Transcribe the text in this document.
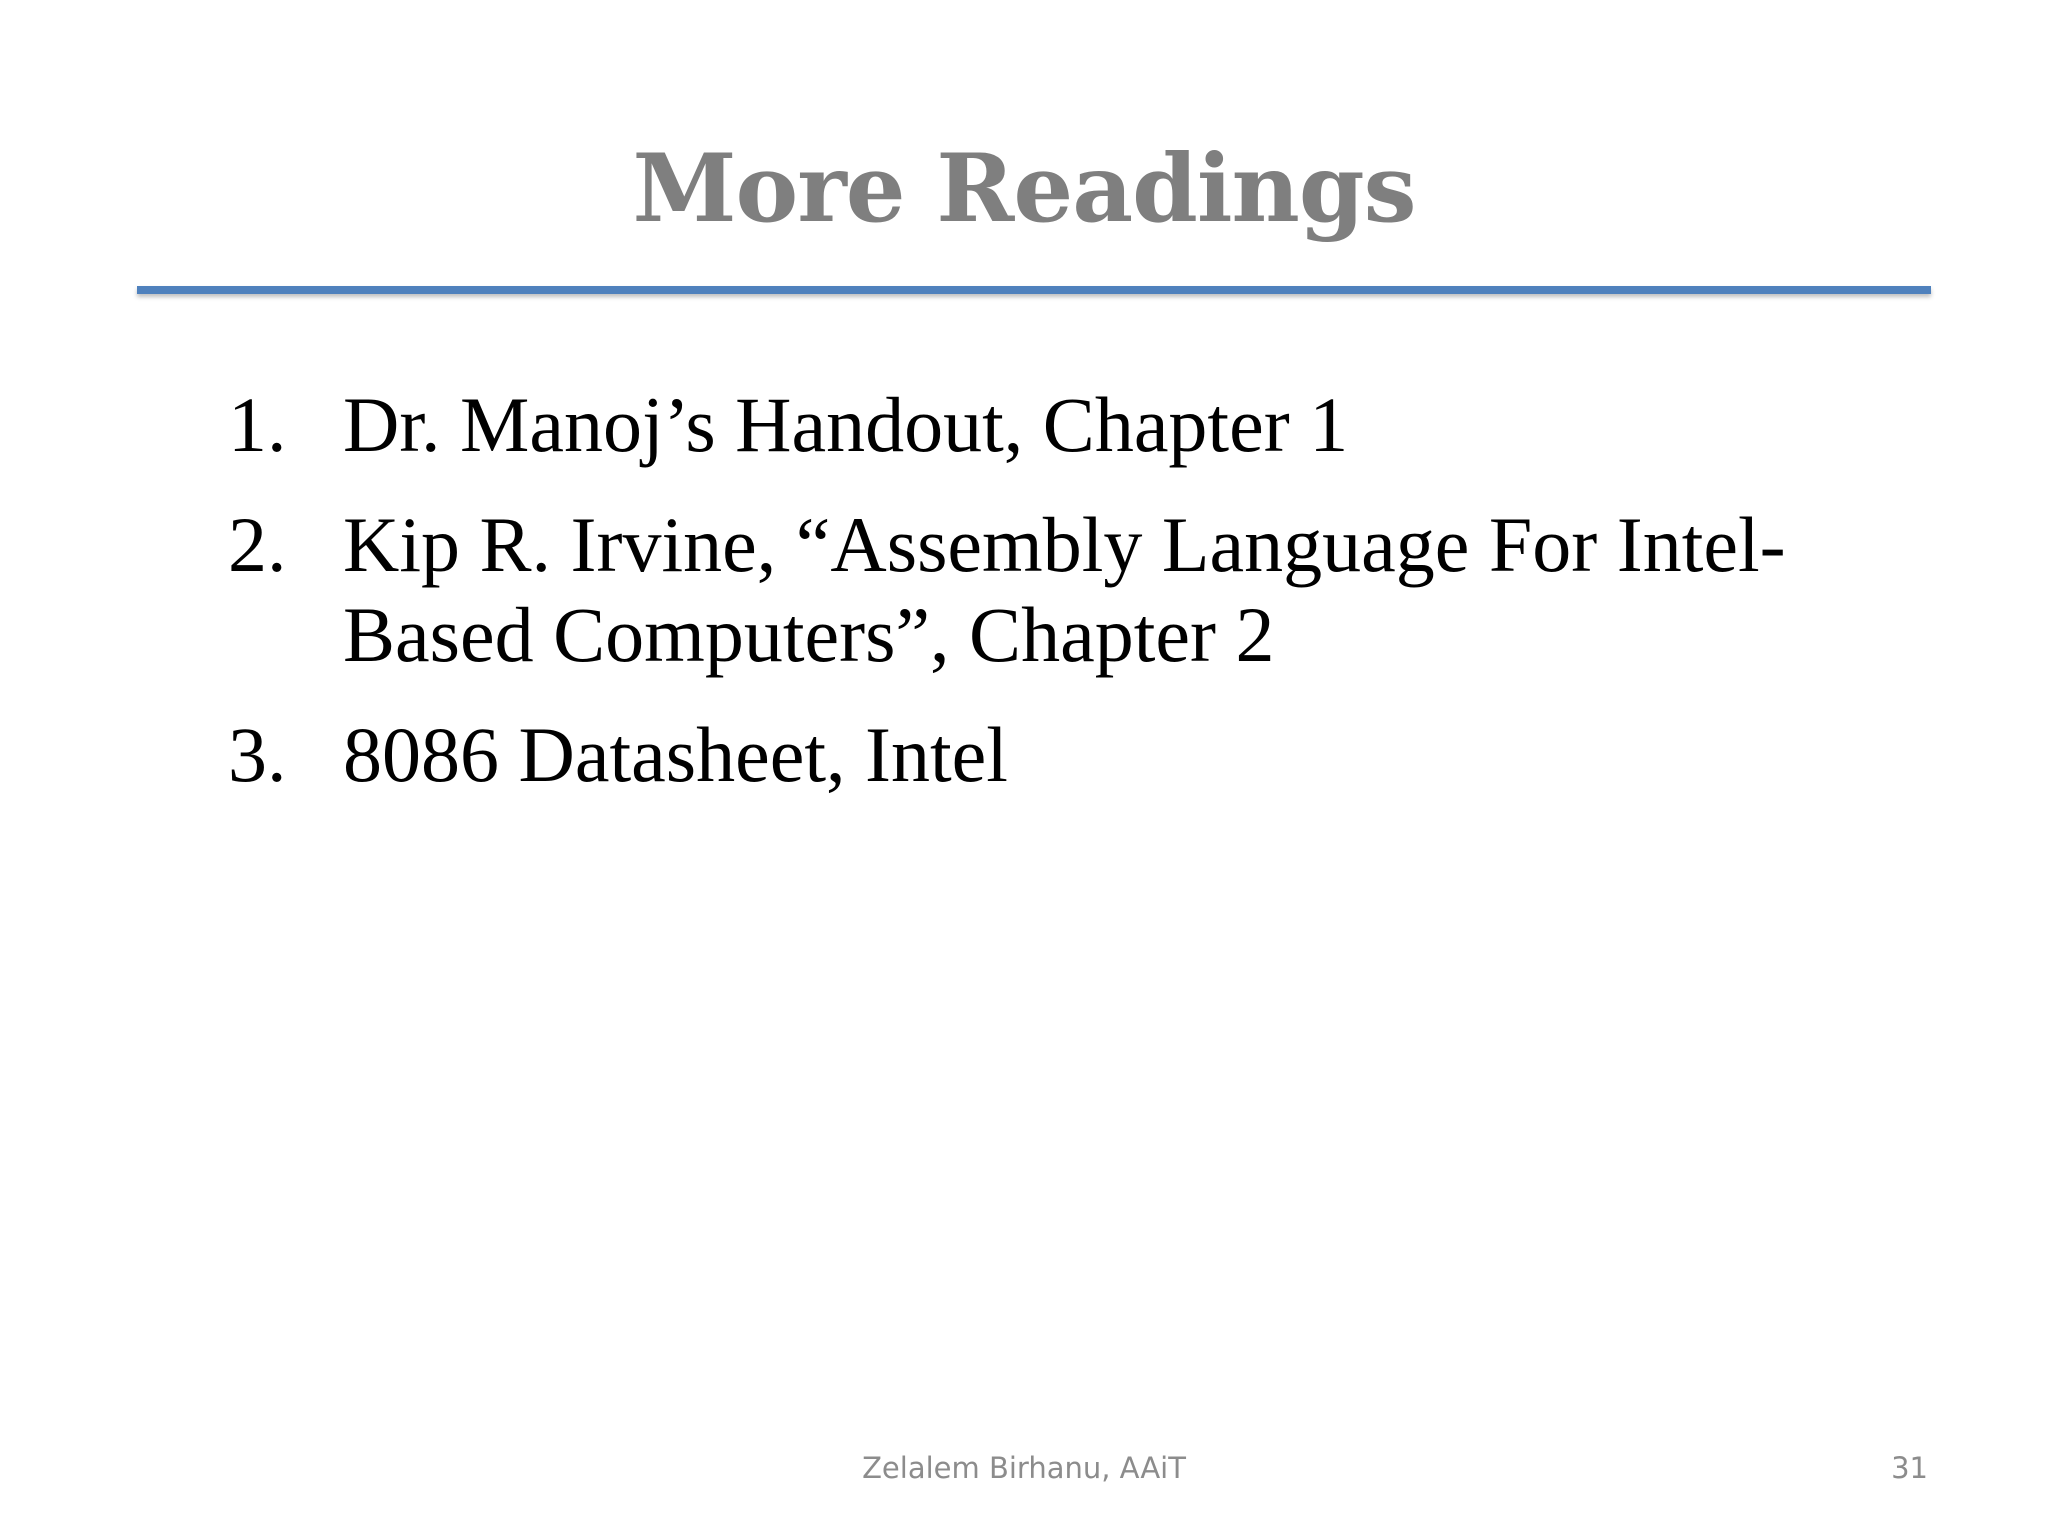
More Readings
1. Dr. Manoj’s Handout, Chapter 1
2. Kip R. Irvine, “Assembly Language For Intel-Based Computers”, Chapter 2
3. 8086 Datasheet, Intel
Zelalem Birhanu, AAiT	31
